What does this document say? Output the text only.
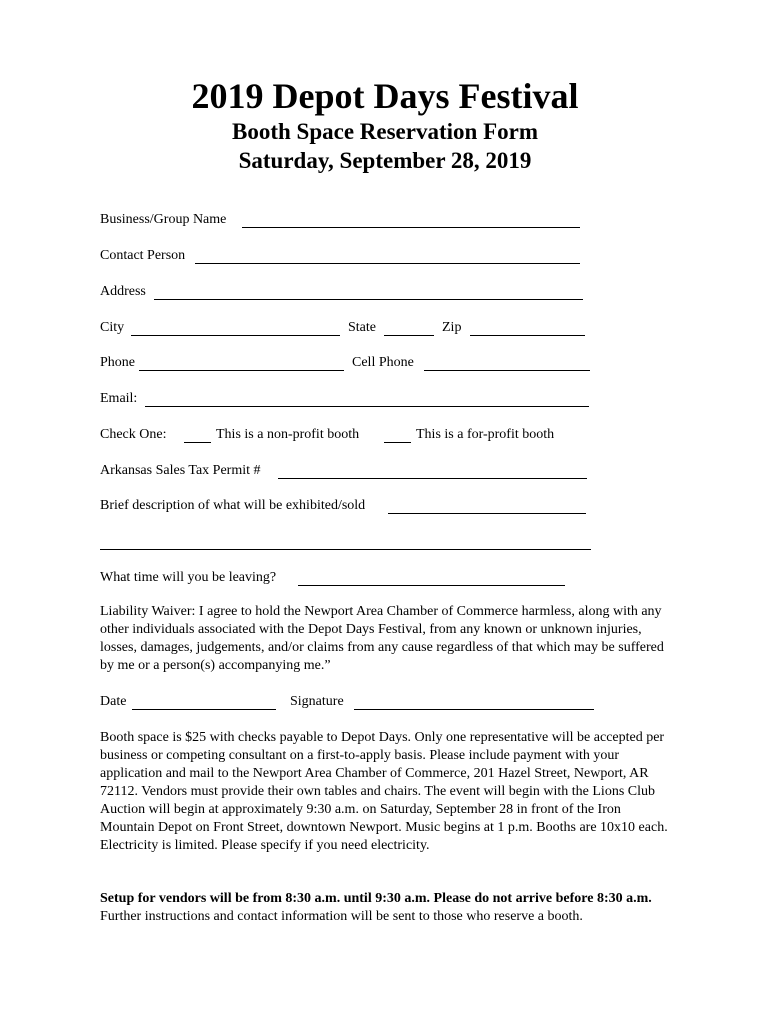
2019 Depot Days Festival
Booth Space Reservation Form
Saturday, September 28, 2019
Business/Group Name
Contact Person
Address
City	State	Zip
Phone	Cell Phone
Email:
Check One:	This is a non-profit booth	This is a for-profit booth
Arkansas Sales Tax Permit #
Brief description of what will be exhibited/sold
What time will you be leaving?
Liability Waiver: I agree to hold the Newport Area Chamber of Commerce harmless, along with any other individuals associated with the Depot Days Festival, from any known or unknown injuries, losses, damages, judgements, and/or claims from any cause regardless of that which may be suffered by me or a person(s) accompanying me.”
Date	Signature
Booth space is $25 with checks payable to Depot Days. Only one representative will be accepted per business or competing consultant on a first-to-apply basis. Please include payment with your application and mail to the Newport Area Chamber of Commerce, 201 Hazel Street, Newport, AR 72112. Vendors must provide their own tables and chairs. The event will begin with the Lions Club Auction will begin at approximately 9:30 a.m. on Saturday, September 28 in front of the Iron Mountain Depot on Front Street, downtown Newport. Music begins at 1 p.m. Booths are 10x10 each. Electricity is limited. Please specify if you need electricity.
Setup for vendors will be from 8:30 a.m. until 9:30 a.m. Please do not arrive before 8:30 a.m. Further instructions and contact information will be sent to those who reserve a booth.
